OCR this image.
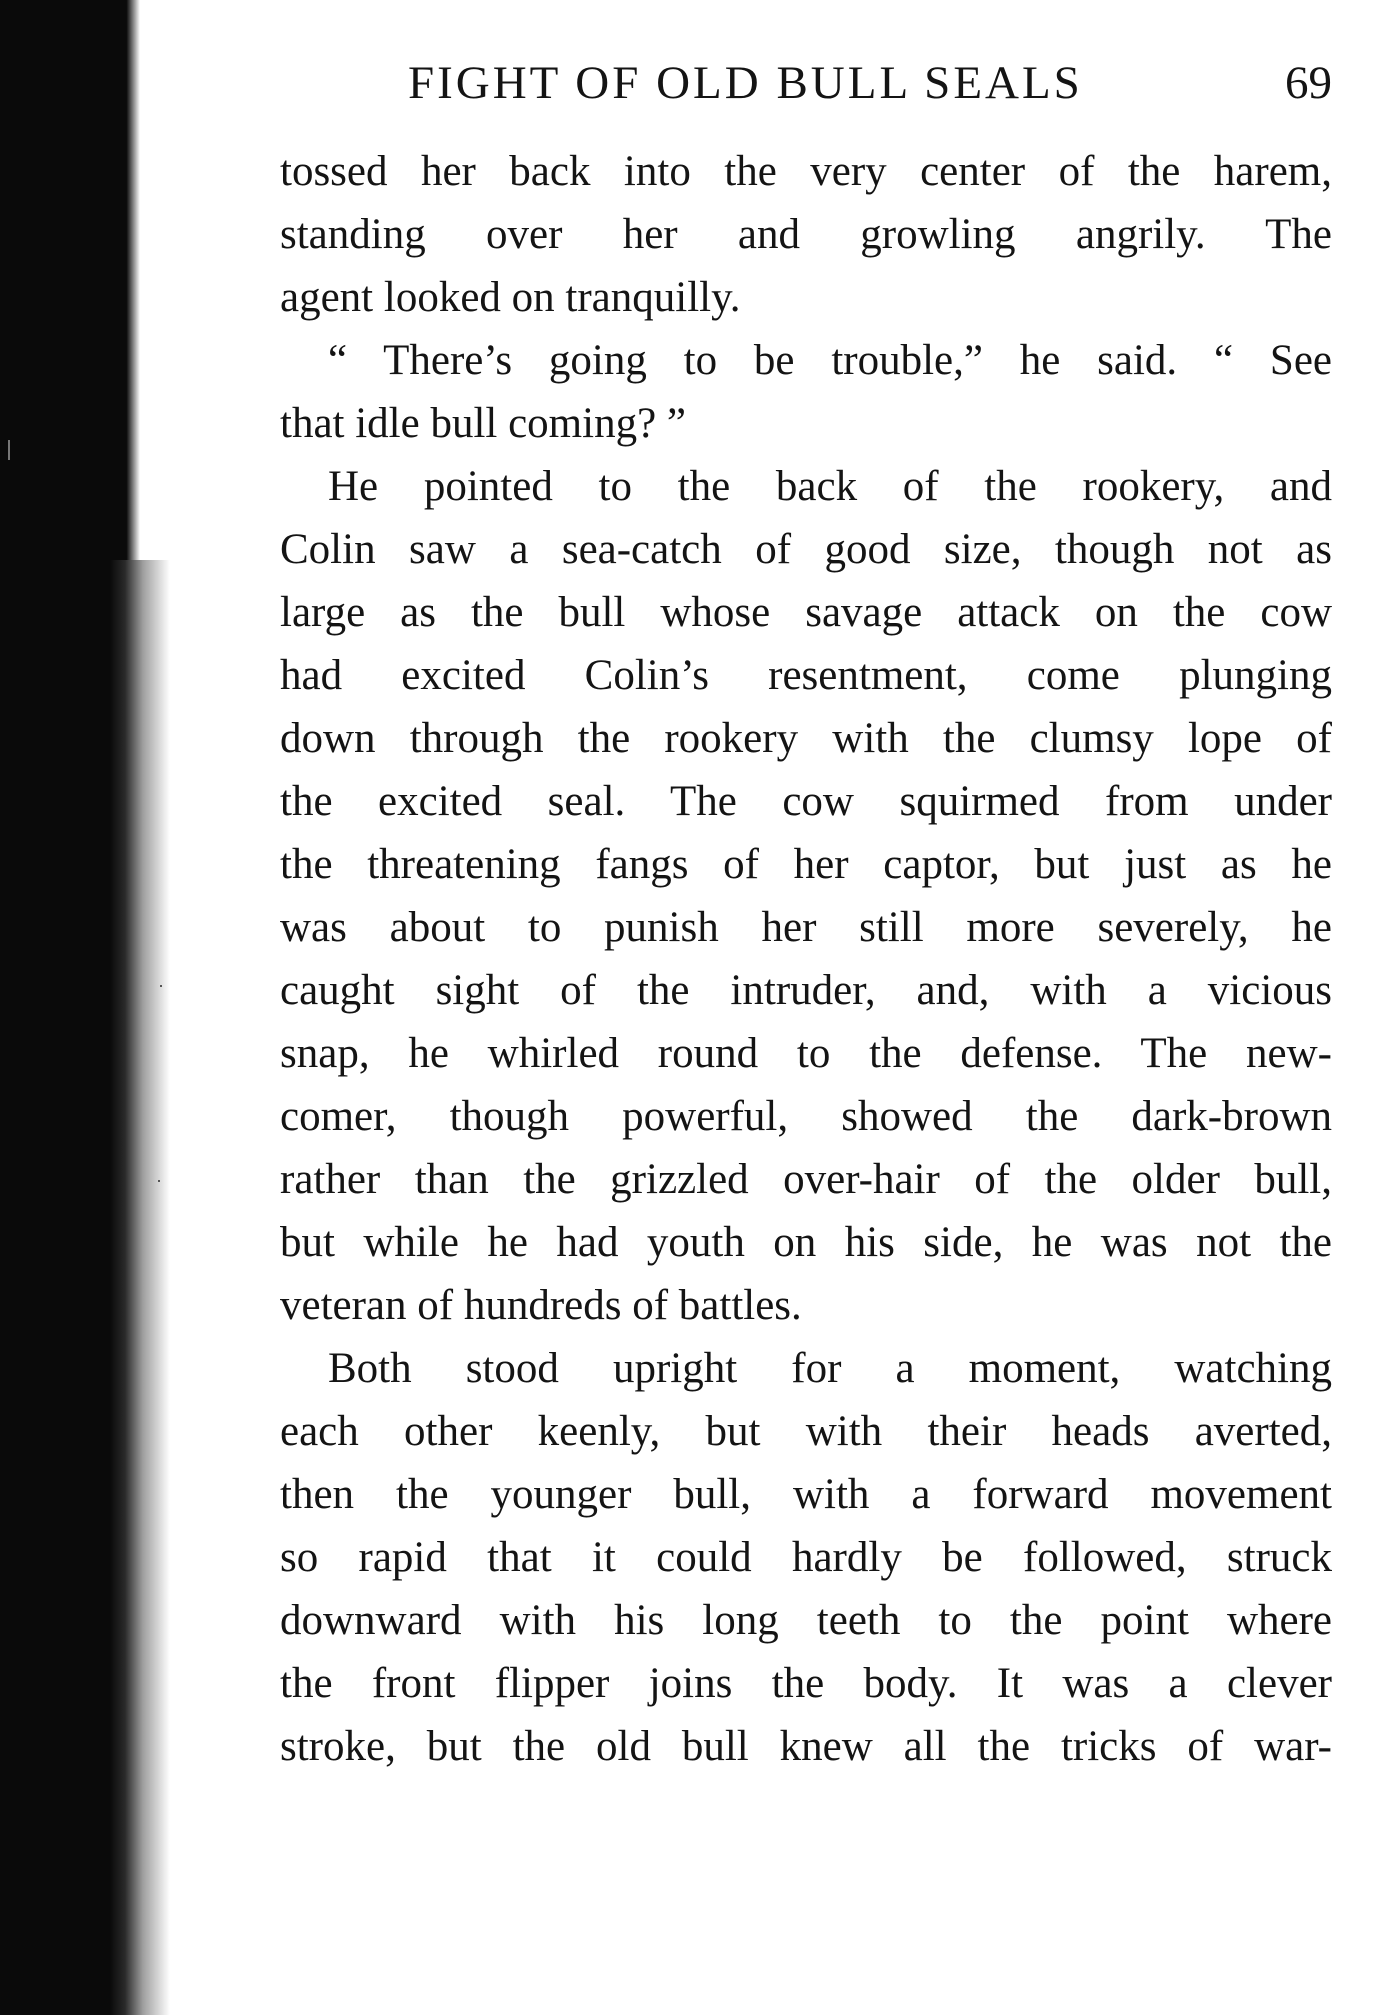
FIGHT OF OLD BULL SEALS	69
tossed her back into the very center of the harem,
standing over her and growling angrily. The
agent looked on tranquilly.
“ There’s going to be trouble,” he said. “ See
that idle bull coming? ”
He pointed to the back of the rookery, and
Colin saw a sea-catch of good size, though not as
large as the bull whose savage attack on the cow
had excited Colin’s resentment, come plunging
down through the rookery with the clumsy lope of
the excited seal. The cow squirmed from under
the threatening fangs of her captor, but just as he
was about to punish her still more severely, he
caught sight of the intruder, and, with a vicious
snap, he whirled round to the defense. The new-
comer, though powerful, showed the dark-brown
rather than the grizzled over-hair of the older bull,
but while he had youth on his side, he was not the
veteran of hundreds of battles.
Both stood upright for a moment, watching
each other keenly, but with their heads averted,
then the younger bull, with a forward movement
so rapid that it could hardly be followed, struck
downward with his long teeth to the point where
the front flipper joins the body. It was a clever
stroke, but the old bull knew all the tricks of war-
